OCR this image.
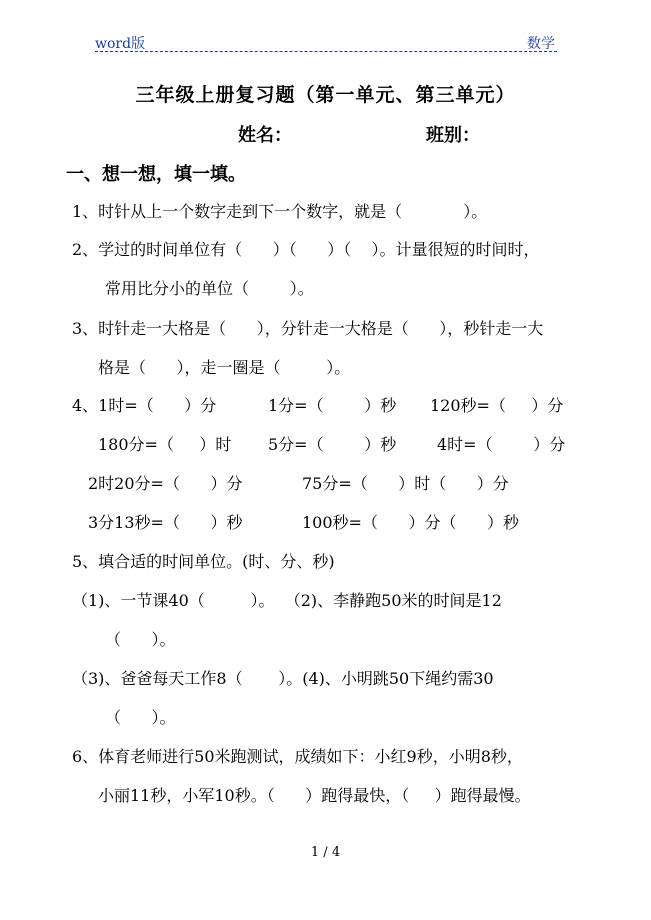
word版	数学
三年级上册复习题（第一单元、第三单元）
姓名：	班别：
一、想一想，填一填。
1、时针从上一个数字走到下一个数字，就是（            ）。
2、学过的时间单位有（      ）（      ）（    ）。计量很短的时间时，
常用比分小的单位（        ）。
3、时针走一大格是（      ），分针走一大格是（      ），秒针走一大
格是（      ），走一圈是（         ）。
4、1时=（      ）分	1分=（        ）秒 120秒=（     ）分
180分=（     ）时 5分=（        ）秒	4时=（        ）分
2时20分=（      ）分	75分=（      ）时（      ）分
3分13秒=（      ）秒	100秒=（      ）分（      ）秒
5、填合适的时间单位。(时、分、秒)
（1)、一节课40（         ）。  （2)、李静跑50米的时间是12
（      ）。
（3)、爸爸每天工作8（       ）。(4)、小明跳50下绳约需30
（      ）。
6、体育老师进行50米跑测试，成绩如下：小红9秒，小明8秒，
小丽11秒，小军10秒。（      ）跑得最快，（     ）跑得最慢。
1 / 4
